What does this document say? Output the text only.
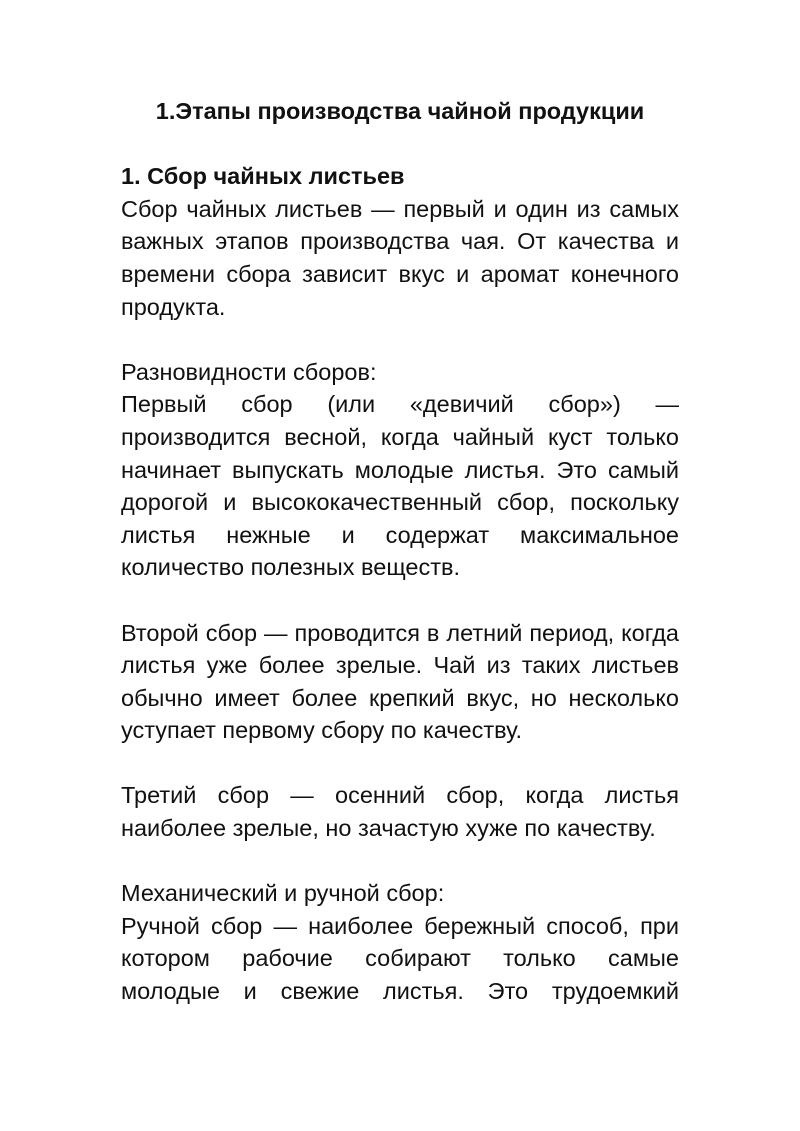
1.Этапы производства чайной продукции
1. Сбор чайных листьев

Сбор чайных листьев — первый и один из самых важных этапов производства чая. От качества и времени сбора зависит вкус и аромат конечного продукта.

Разновидности сборов:

Первый сбор (или «девичий сбор») — производится весной, когда чайный куст только начинает выпускать молодые листья. Это самый дорогой и высококачественный сбор, поскольку листья нежные и содержат максимальное количество полезных веществ.

Второй сбор — проводится в летний период, когда листья уже более зрелые. Чай из таких листьев обычно имеет более крепкий вкус, но несколько уступает первому сбору по качеству.

Третий сбор — осенний сбор, когда листья наиболее зрелые, но зачастую хуже по качеству.

Механический и ручной сбор:

Ручной сбор — наиболее бережный способ, при котором рабочие собирают только самые молодые и свежие листья. Это трудоемкий
